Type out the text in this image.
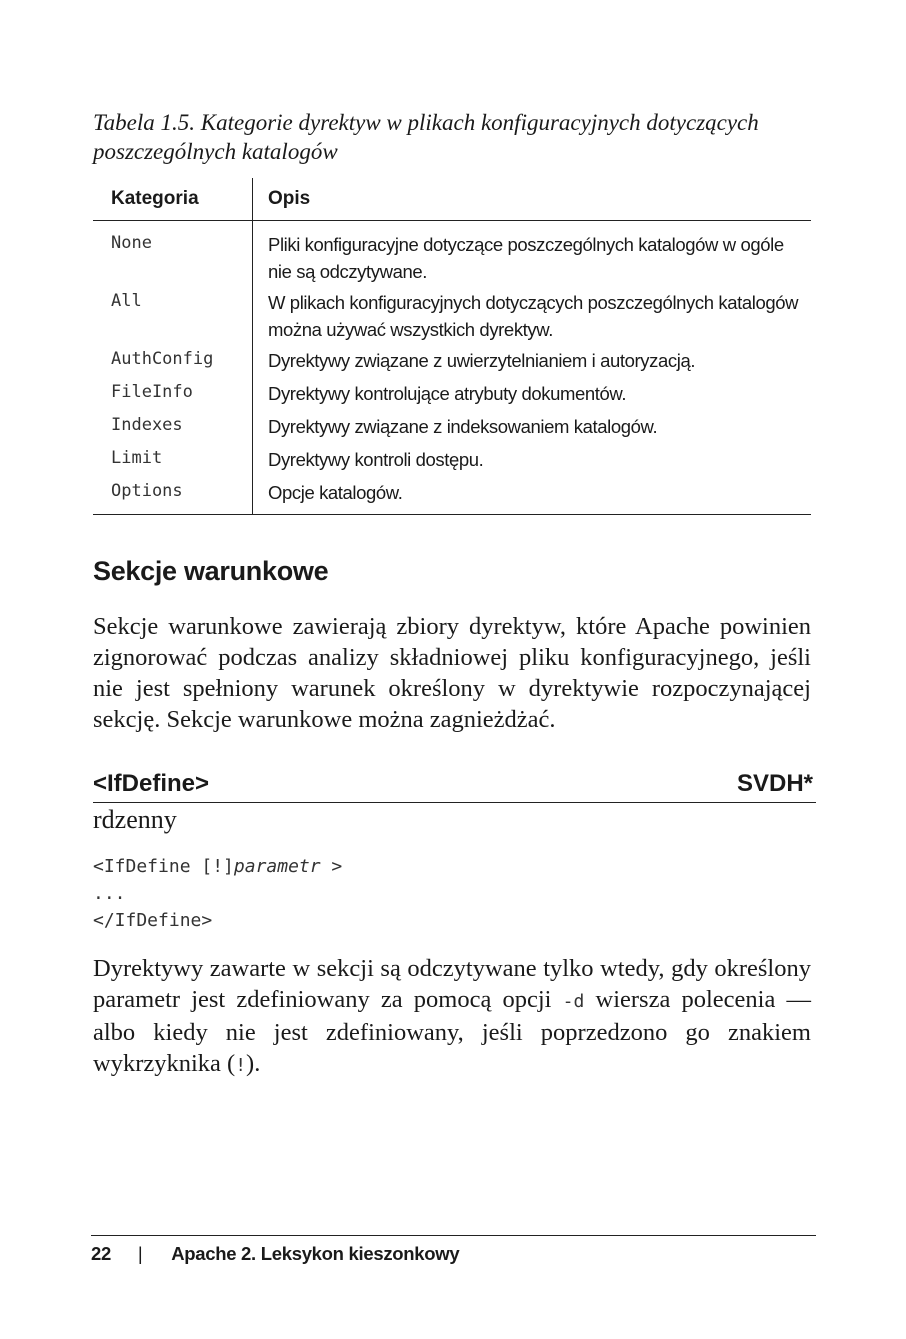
Tabela 1.5. Kategorie dyrektyw w plikach konfiguracyjnych dotyczących poszczególnych katalogów
Kategoria	Opis
None	Pliki konfiguracyjne dotyczące poszczególnych katalogów w ogóle nie są odczytywane.
All	W plikach konfiguracyjnych dotyczących poszczególnych katalogów można używać wszystkich dyrektyw.
AuthConfig	Dyrektywy związane z uwierzytelnianiem i autoryzacją.
FileInfo	Dyrektywy kontrolujące atrybuty dokumentów.
Indexes	Dyrektywy związane z indeksowaniem katalogów.
Limit	Dyrektywy kontroli dostępu.
Options	Opcje katalogów.
Sekcje warunkowe
Sekcje warunkowe zawierają zbiory dyrektyw, które Apache powinien zignorować podczas analizy składniowej pliku konfiguracyjnego, jeśli nie jest spełniony warunek określony w dyrektywie rozpoczynającej sekcję. Sekcje warunkowe można zagnieżdżać.
<IfDefine>	SVDH*
rdzenny
<IfDefine [!]parametr >
...
</IfDefine>
Dyrektywy zawarte w sekcji są odczytywane tylko wtedy, gdy określony parametr jest zdefiniowany za pomocą opcji -d wiersza polecenia — albo kiedy nie jest zdefiniowany, jeśli poprzedzono go znakiem wykrzyknika (!).
22 | Apache 2. Leksykon kieszonkowy
